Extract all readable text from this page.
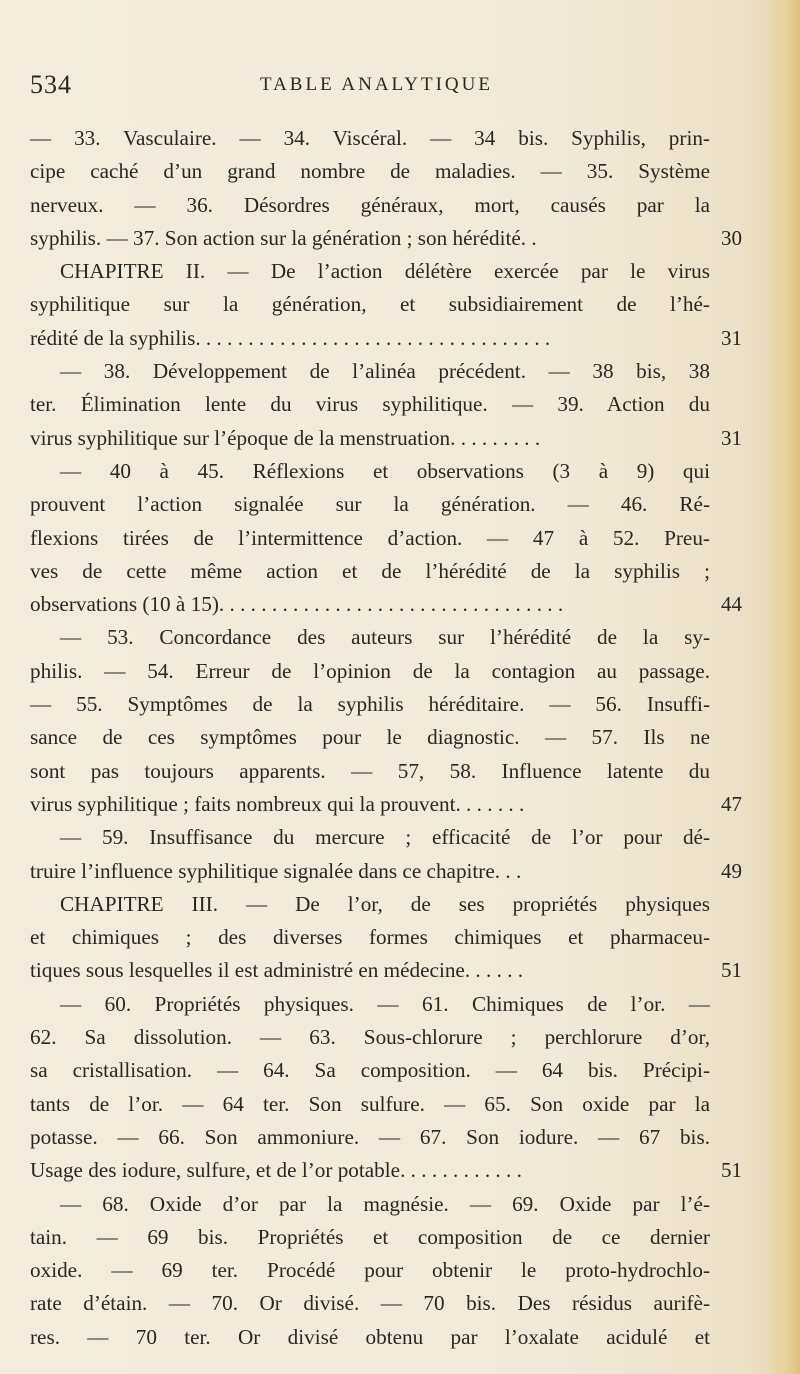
534	TABLE ANALYTIQUE
— 33. Vasculaire. — 34. Viscéral. — 34 bis. Syphilis, prin-
cipe caché d’un grand nombre de maladies. — 35. Système
nerveux. — 36. Désordres généraux, mort, causés par la
syphilis. — 37. Son action sur la génération ; son hérédité. .	30
CHAPITRE II. — De l’action délétère exercée par le virus
syphilitique sur la génération, et subsidiairement de l’hé-
rédité de la syphilis. . . . . . . . . . . . . . . . . . . . . . . . . . . . . . . . . .	31
— 38. Développement de l’alinéa précédent. — 38 bis, 38
ter. Élimination lente du virus syphilitique. — 39. Action du
virus syphilitique sur l’époque de la menstruation. . . . . . . . .	31
— 40 à 45. Réflexions et observations (3 à 9) qui
prouvent l’action signalée sur la génération. — 46. Ré-
flexions tirées de l’intermittence d’action. — 47 à 52. Preu-
ves de cette même action et de l’hérédité de la syphilis ;
observations (10 à 15). . . . . . . . . . . . . . . . . . . . . . . . . . . . . . . . .	44
— 53. Concordance des auteurs sur l’hérédité de la sy-
philis. — 54. Erreur de l’opinion de la contagion au passage.
— 55. Symptômes de la syphilis héréditaire. — 56. Insuffi-
sance de ces symptômes pour le diagnostic. — 57. Ils ne
sont pas toujours apparents. — 57, 58. Influence latente du
virus syphilitique ; faits nombreux qui la prouvent. . . . . . .	47
— 59. Insuffisance du mercure ; efficacité de l’or pour dé-
truire l’influence syphilitique signalée dans ce chapitre. . .	49
CHAPITRE III. — De l’or, de ses propriétés physiques
et chimiques ; des diverses formes chimiques et pharmaceu-
tiques sous lesquelles il est administré en médecine. . . . . .	51
— 60. Propriétés physiques. — 61. Chimiques de l’or. —
62. Sa dissolution. — 63. Sous-chlorure ; perchlorure d’or,
sa cristallisation. — 64. Sa composition. — 64 bis. Précipi-
tants de l’or. — 64 ter. Son sulfure. — 65. Son oxide par la
potasse. — 66. Son ammoniure. — 67. Son iodure. — 67 bis.
Usage des iodure, sulfure, et de l’or potable. . . . . . . . . . . .	51
— 68. Oxide d’or par la magnésie. — 69. Oxide par l’é-
tain. — 69 bis. Propriétés et composition de ce dernier
oxide. — 69 ter. Procédé pour obtenir le proto-hydrochlo-
rate d’étain. — 70. Or divisé. — 70 bis. Des résidus aurifè-
res. — 70 ter. Or divisé obtenu par l’oxalate acidulé et
